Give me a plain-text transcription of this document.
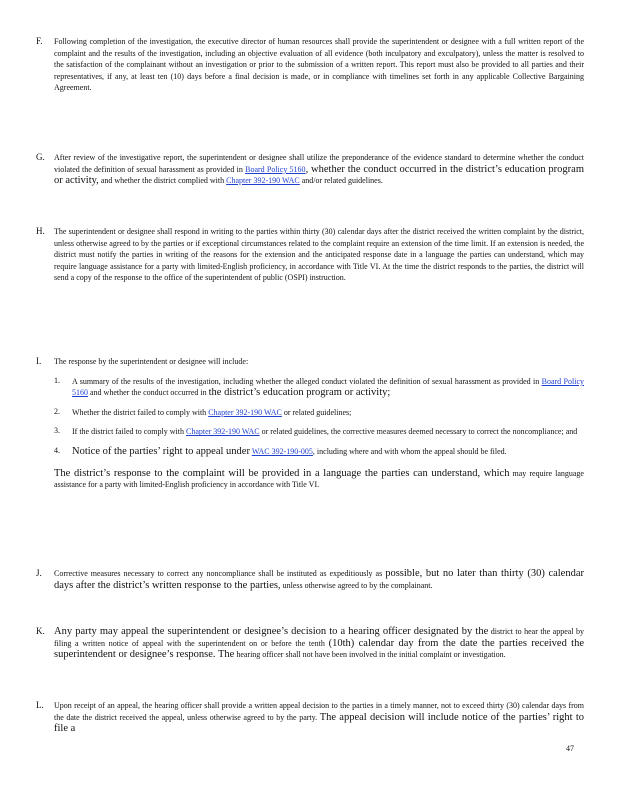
F. Following completion of the investigation, the executive director of human resources shall provide the superintendent or designee with a full written report of the complaint and the results of the investigation, including an objective evaluation of all evidence (both inculpatory and exculpatory), unless the matter is resolved to the satisfaction of the complainant without an investigation or prior to the submission of a written report. This report must also be provided to all parties and their representatives, if any, at least ten (10) days before a final decision is made, or in compliance with timelines set forth in any applicable Collective Bargaining Agreement.
G. After review of the investigative report, the superintendent or designee shall utilize the preponderance of the evidence standard to determine whether the conduct violated the definition of sexual harassment as provided in Board Policy 5160, whether the conduct occurred in the district’s education program or activity, and whether the district complied with Chapter 392-190 WAC and/or related guidelines.
H. The superintendent or designee shall respond in writing to the parties within thirty (30) calendar days after the district received the written complaint by the district, unless otherwise agreed to by the parties or if exceptional circumstances related to the complaint require an extension of the time limit. If an extension is needed, the district must notify the parties in writing of the reasons for the extension and the anticipated response date in a language the parties can understand, which may require language assistance for a party with limited-English proficiency, in accordance with Title VI. At the time the district responds to the parties, the district will send a copy of the response to the office of the superintendent of public (OSPI) instruction.
I. The response by the superintendent or designee will include:
1. A summary of the results of the investigation, including whether the alleged conduct violated the definition of sexual harassment as provided in Board Policy 5160 and whether the conduct occurred in the district’s education program or activity;
2. Whether the district failed to comply with Chapter 392-190 WAC or related guidelines;
3. If the district failed to comply with Chapter 392-190 WAC or related guidelines, the corrective measures deemed necessary to correct the noncompliance; and
4. Notice of the parties’ right to appeal under WAC 392-190-005, including where and with whom the appeal should be filed.
The district’s response to the complaint will be provided in a language the parties can understand, which may require language assistance for a party with limited-English proficiency in accordance with Title VI.
J. Corrective measures necessary to correct any noncompliance shall be instituted as expeditiously as possible, but no later than thirty (30) calendar days after the district’s written response to the parties, unless otherwise agreed to by the complainant.
K. Any party may appeal the superintendent or designee’s decision to a hearing officer designated by the district to hear the appeal by filing a written notice of appeal with the superintendent on or before the tenth (10th) calendar day from the date the parties received the superintendent or designee’s response. The hearing officer shall not have been involved in the initial complaint or investigation.
L. Upon receipt of an appeal, the hearing officer shall provide a written appeal decision to the parties in a timely manner, not to exceed thirty (30) calendar days from the date the district received the appeal, unless otherwise agreed to by the party. The appeal decision will include notice of the parties’ right to file a
47
